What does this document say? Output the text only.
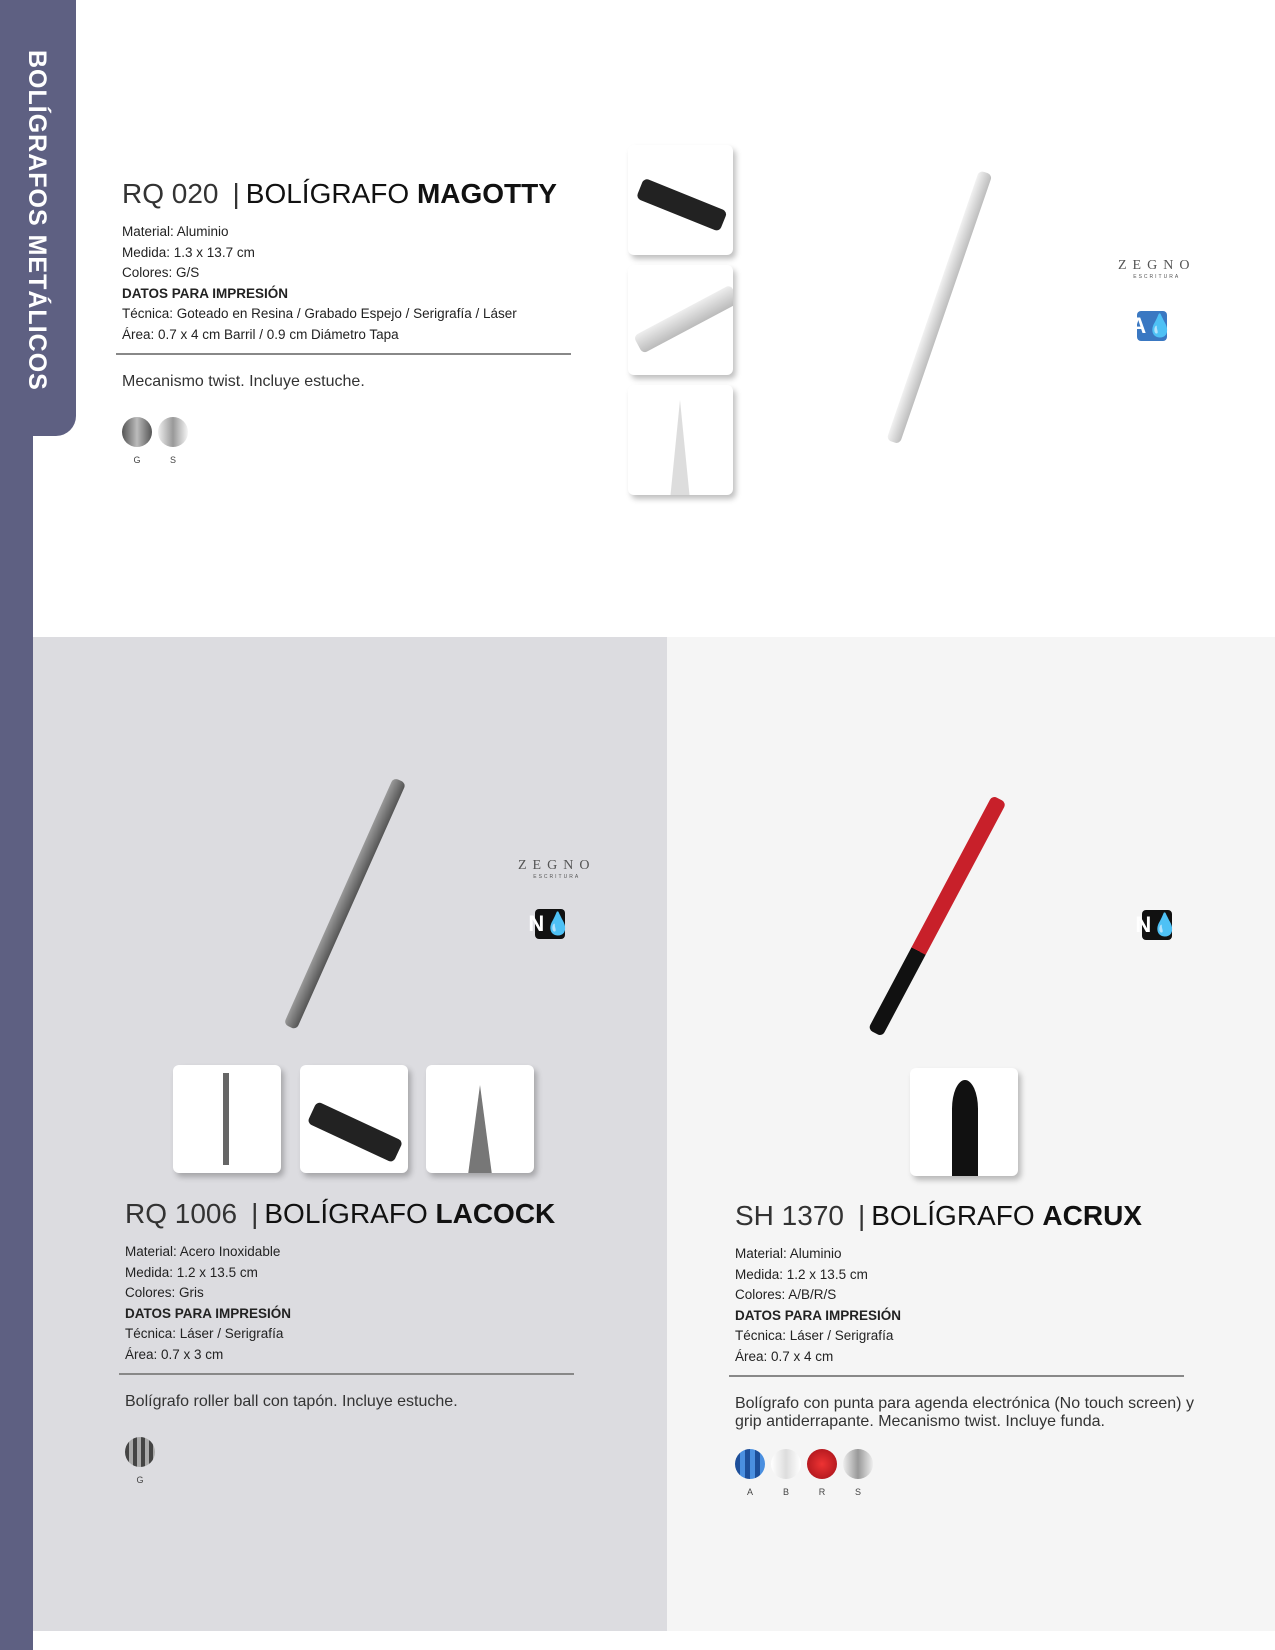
BOLÍGRAFOS METÁLICOS	RQ 020 | BOLÍGRAFO MAGOTTY
Material: Aluminio
Medida: 1.3 x 13.7 cm
Colores: G/S
DATOS PARA IMPRESIÓN
Técnica: Goteado en Resina / Grabado Espejo / Serigrafía / Láser
Área: 0.7 x 4 cm Barril / 0.9 cm Diámetro Tapa
Mecanismo twist. Incluye estuche.
G	S
ZEGNO
ESCRITURA
A 💧
ZEGNO
ESCRITURA
N 💧
RQ 1006 | BOLÍGRAFO LACOCK
Material: Acero Inoxidable
Medida: 1.2 x 13.5 cm
Colores: Gris
DATOS PARA IMPRESIÓN
Técnica: Láser / Serigrafía
Área: 0.7 x 3 cm
Bolígrafo roller ball con tapón. Incluye estuche.
G
N 💧
SH 1370 | BOLÍGRAFO ACRUX
Material: Aluminio
Medida: 1.2 x 13.5 cm
Colores: A/B/R/S
DATOS PARA IMPRESIÓN
Técnica: Láser / Serigrafía
Área: 0.7 x 4 cm
Bolígrafo con punta para agenda electrónica (No touch screen) y grip antiderrapante. Mecanismo twist. Incluye funda.
A	B	R	S
